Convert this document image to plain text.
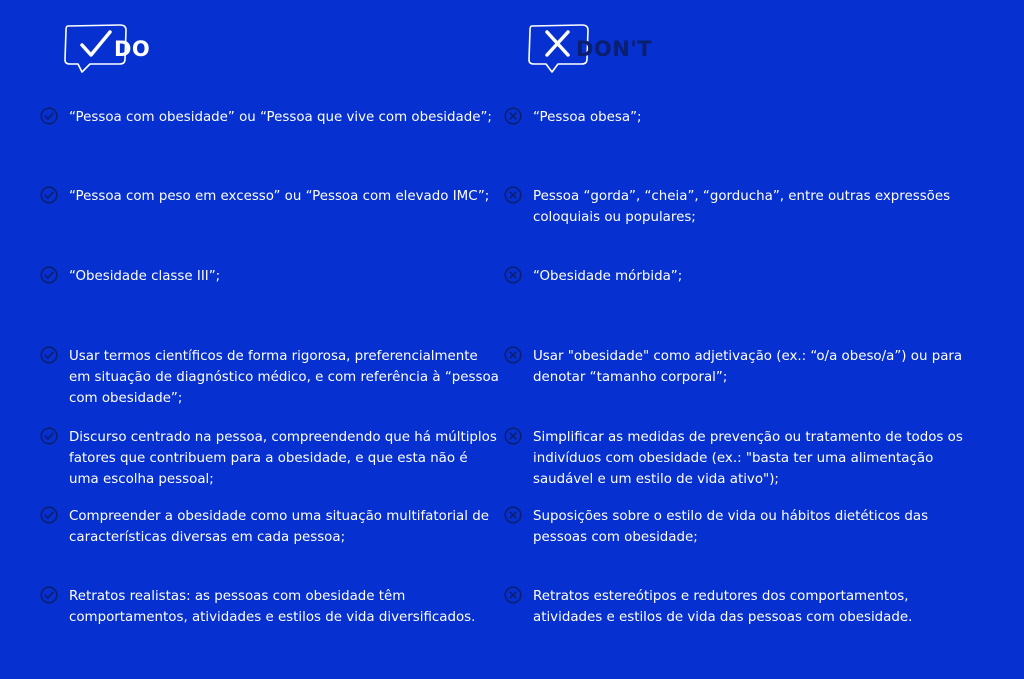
DO
“Pessoa com obesidade” ou “Pessoa que vive com obesidade”;
“Pessoa com peso em excesso” ou “Pessoa com elevado IMC”;
“Obesidade classe III”;
Usar termos científicos de forma rigorosa, preferencialmente em situação de diagnóstico médico, e com referência à “pessoa com obesidade”;
Discurso centrado na pessoa, compreendendo que há múltiplos fatores que contribuem para a obesidade, e que esta não é uma escolha pessoal;
Compreender a obesidade como uma situação multifatorial de características diversas em cada pessoa;
Retratos realistas: as pessoas com obesidade têm comportamentos, atividades e estilos de vida diversificados.
DON'T
“Pessoa obesa”;
Pessoa “gorda”, “cheia”, “gorducha”, entre outras expressões coloquiais ou populares;
“Obesidade mórbida”;
Usar "obesidade" como adjetivação (ex.: “o/a obeso/a”) ou para denotar “tamanho corporal”;
Simplificar as medidas de prevenção ou tratamento de todos os indivíduos com obesidade (ex.: "basta ter uma alimentação saudável e um estilo de vida ativo");
Suposições sobre o estilo de vida ou hábitos dietéticos das pessoas com obesidade;
Retratos estereótipos e redutores dos comportamentos, atividades e estilos de vida das pessoas com obesidade.
